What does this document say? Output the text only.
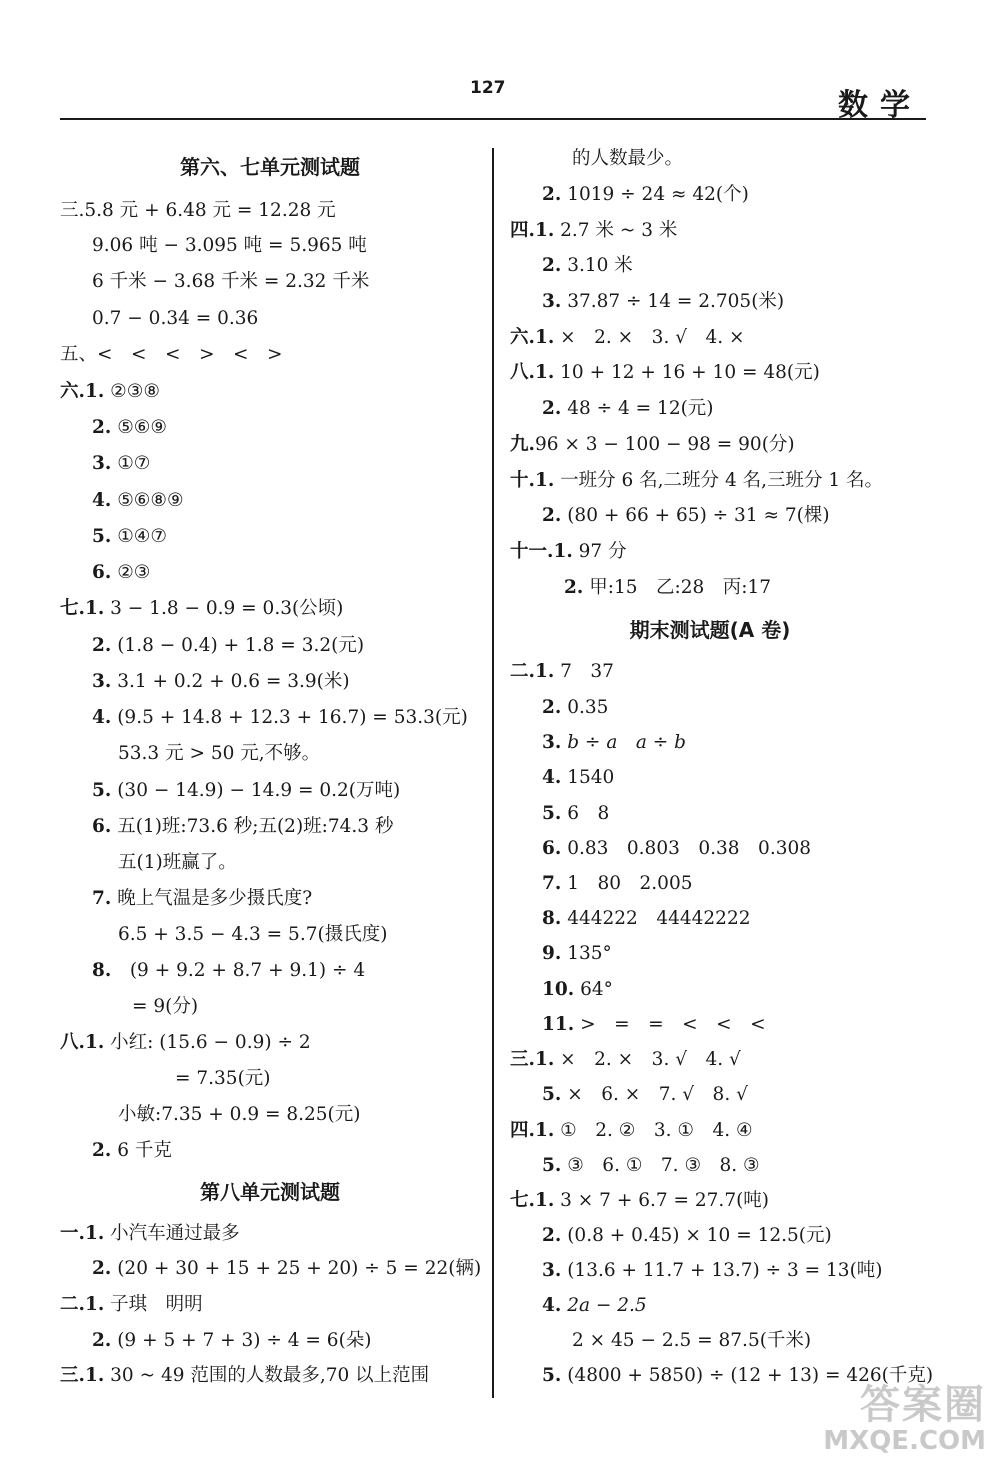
127	数学
第六、七单元测试题
三.5.8 元 + 6.48 元 = 12.28 元
9.06 吨 − 3.095 吨 = 5.965 吨
6 千米 − 3.68 千米 = 2.32 千米
0.7 − 0.34 = 0.36
五、<　<　<　>　<　>
六.1. ②③⑧
2. ⑤⑥⑨
3. ①⑦
4. ⑤⑥⑧⑨
5. ①④⑦
6. ②③
七.1. 3 − 1.8 − 0.9 = 0.3(公顷)
2. (1.8 − 0.4) + 1.8 = 3.2(元)
3. 3.1 + 0.2 + 0.6 = 3.9(米)
4. (9.5 + 14.8 + 12.3 + 16.7) = 53.3(元)
53.3 元 > 50 元,不够。
5. (30 − 14.9) − 14.9 = 0.2(万吨)
6. 五(1)班:73.6 秒;五(2)班:74.3 秒
五(1)班赢了。
7. 晚上气温是多少摄氏度?
6.5 + 3.5 − 4.3 = 5.7(摄氏度)
8.　(9 + 9.2 + 8.7 + 9.1) ÷ 4
= 9(分)
八.1. 小红: (15.6 − 0.9) ÷ 2
= 7.35(元)
小敏:7.35 + 0.9 = 8.25(元)
2. 6 千克
第八单元测试题
一.1. 小汽车通过最多
2. (20 + 30 + 15 + 25 + 20) ÷ 5 = 22(辆)
二.1. 子琪　明明
2. (9 + 5 + 7 + 3) ÷ 4 = 6(朵)
三.1. 30 ~ 49 范围的人数最多,70 以上范围
的人数最少。
2. 1019 ÷ 24 ≈ 42(个)
四.1. 2.7 米 ~ 3 米
2. 3.10 米
3. 37.87 ÷ 14 = 2.705(米)
六.1. ×　2. ×　3. √　4. ×
八.1. 10 + 12 + 16 + 10 = 48(元)
2. 48 ÷ 4 = 12(元)
九.96 × 3 − 100 − 98 = 90(分)
十.1. 一班分 6 名,二班分 4 名,三班分 1 名。
2. (80 + 66 + 65) ÷ 31 ≈ 7(棵)
十一.1. 97 分
2. 甲:15　乙:28　丙:17
期末测试题(A 卷)
二.1. 7　37
2. 0.35
3. b ÷ a　a ÷ b
4. 1540
5. 6　8
6. 0.83　0.803　0.38　0.308
7. 1　80　2.005
8. 444222　44442222
9. 135°
10. 64°
11. >　=　=　<　<　<
三.1. ×　2. ×　3. √　4. √
5. ×　6. ×　7. √　8. √
四.1. ①　2. ②　3. ①　4. ④
5. ③　6. ①　7. ③　8. ③
七.1. 3 × 7 + 6.7 = 27.7(吨)
2. (0.8 + 0.45) × 10 = 12.5(元)
3. (13.6 + 11.7 + 13.7) ÷ 3 = 13(吨)
4. 2a − 2.5
2 × 45 − 2.5 = 87.5(千米)
5. (4800 + 5850) ÷ (12 + 13) = 426(千克)
答案圈
MXQE.COM
